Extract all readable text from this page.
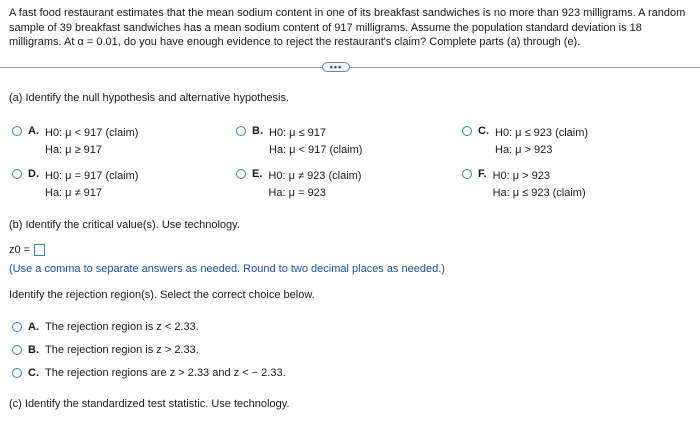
A fast food restaurant estimates that the mean sodium content in one of its breakfast sandwiches is no more than 923 milligrams. A random sample of 39 breakfast sandwiches has a mean sodium content of 917 milligrams. Assume the population standard deviation is 18 milligrams. At α = 0.01, do you have enough evidence to reject the restaurant's claim? Complete parts (a) through (e).
•••
(a) Identify the null hypothesis and alternative hypothesis.
A. H0: μ < 917 (claim)
Ha: μ ≥ 917
B. H0: μ ≤ 917
Ha: μ < 917 (claim)
C. H0: μ ≤ 923 (claim)
Ha: μ > 923
D. H0: μ = 917 (claim)
Ha: μ ≠ 917
E. H0: μ ≠ 923 (claim)
Ha: μ = 923
F. H0: μ > 923
Ha: μ ≤ 923 (claim)
(b) Identify the critical value(s). Use technology.
z0 =
(Use a comma to separate answers as needed. Round to two decimal places as needed.)
Identify the rejection region(s). Select the correct choice below.
A. The rejection region is z < 2.33.
B. The rejection region is z > 2.33.
C. The rejection regions are z > 2.33 and z < − 2.33.
(c) Identify the standardized test statistic. Use technology.
